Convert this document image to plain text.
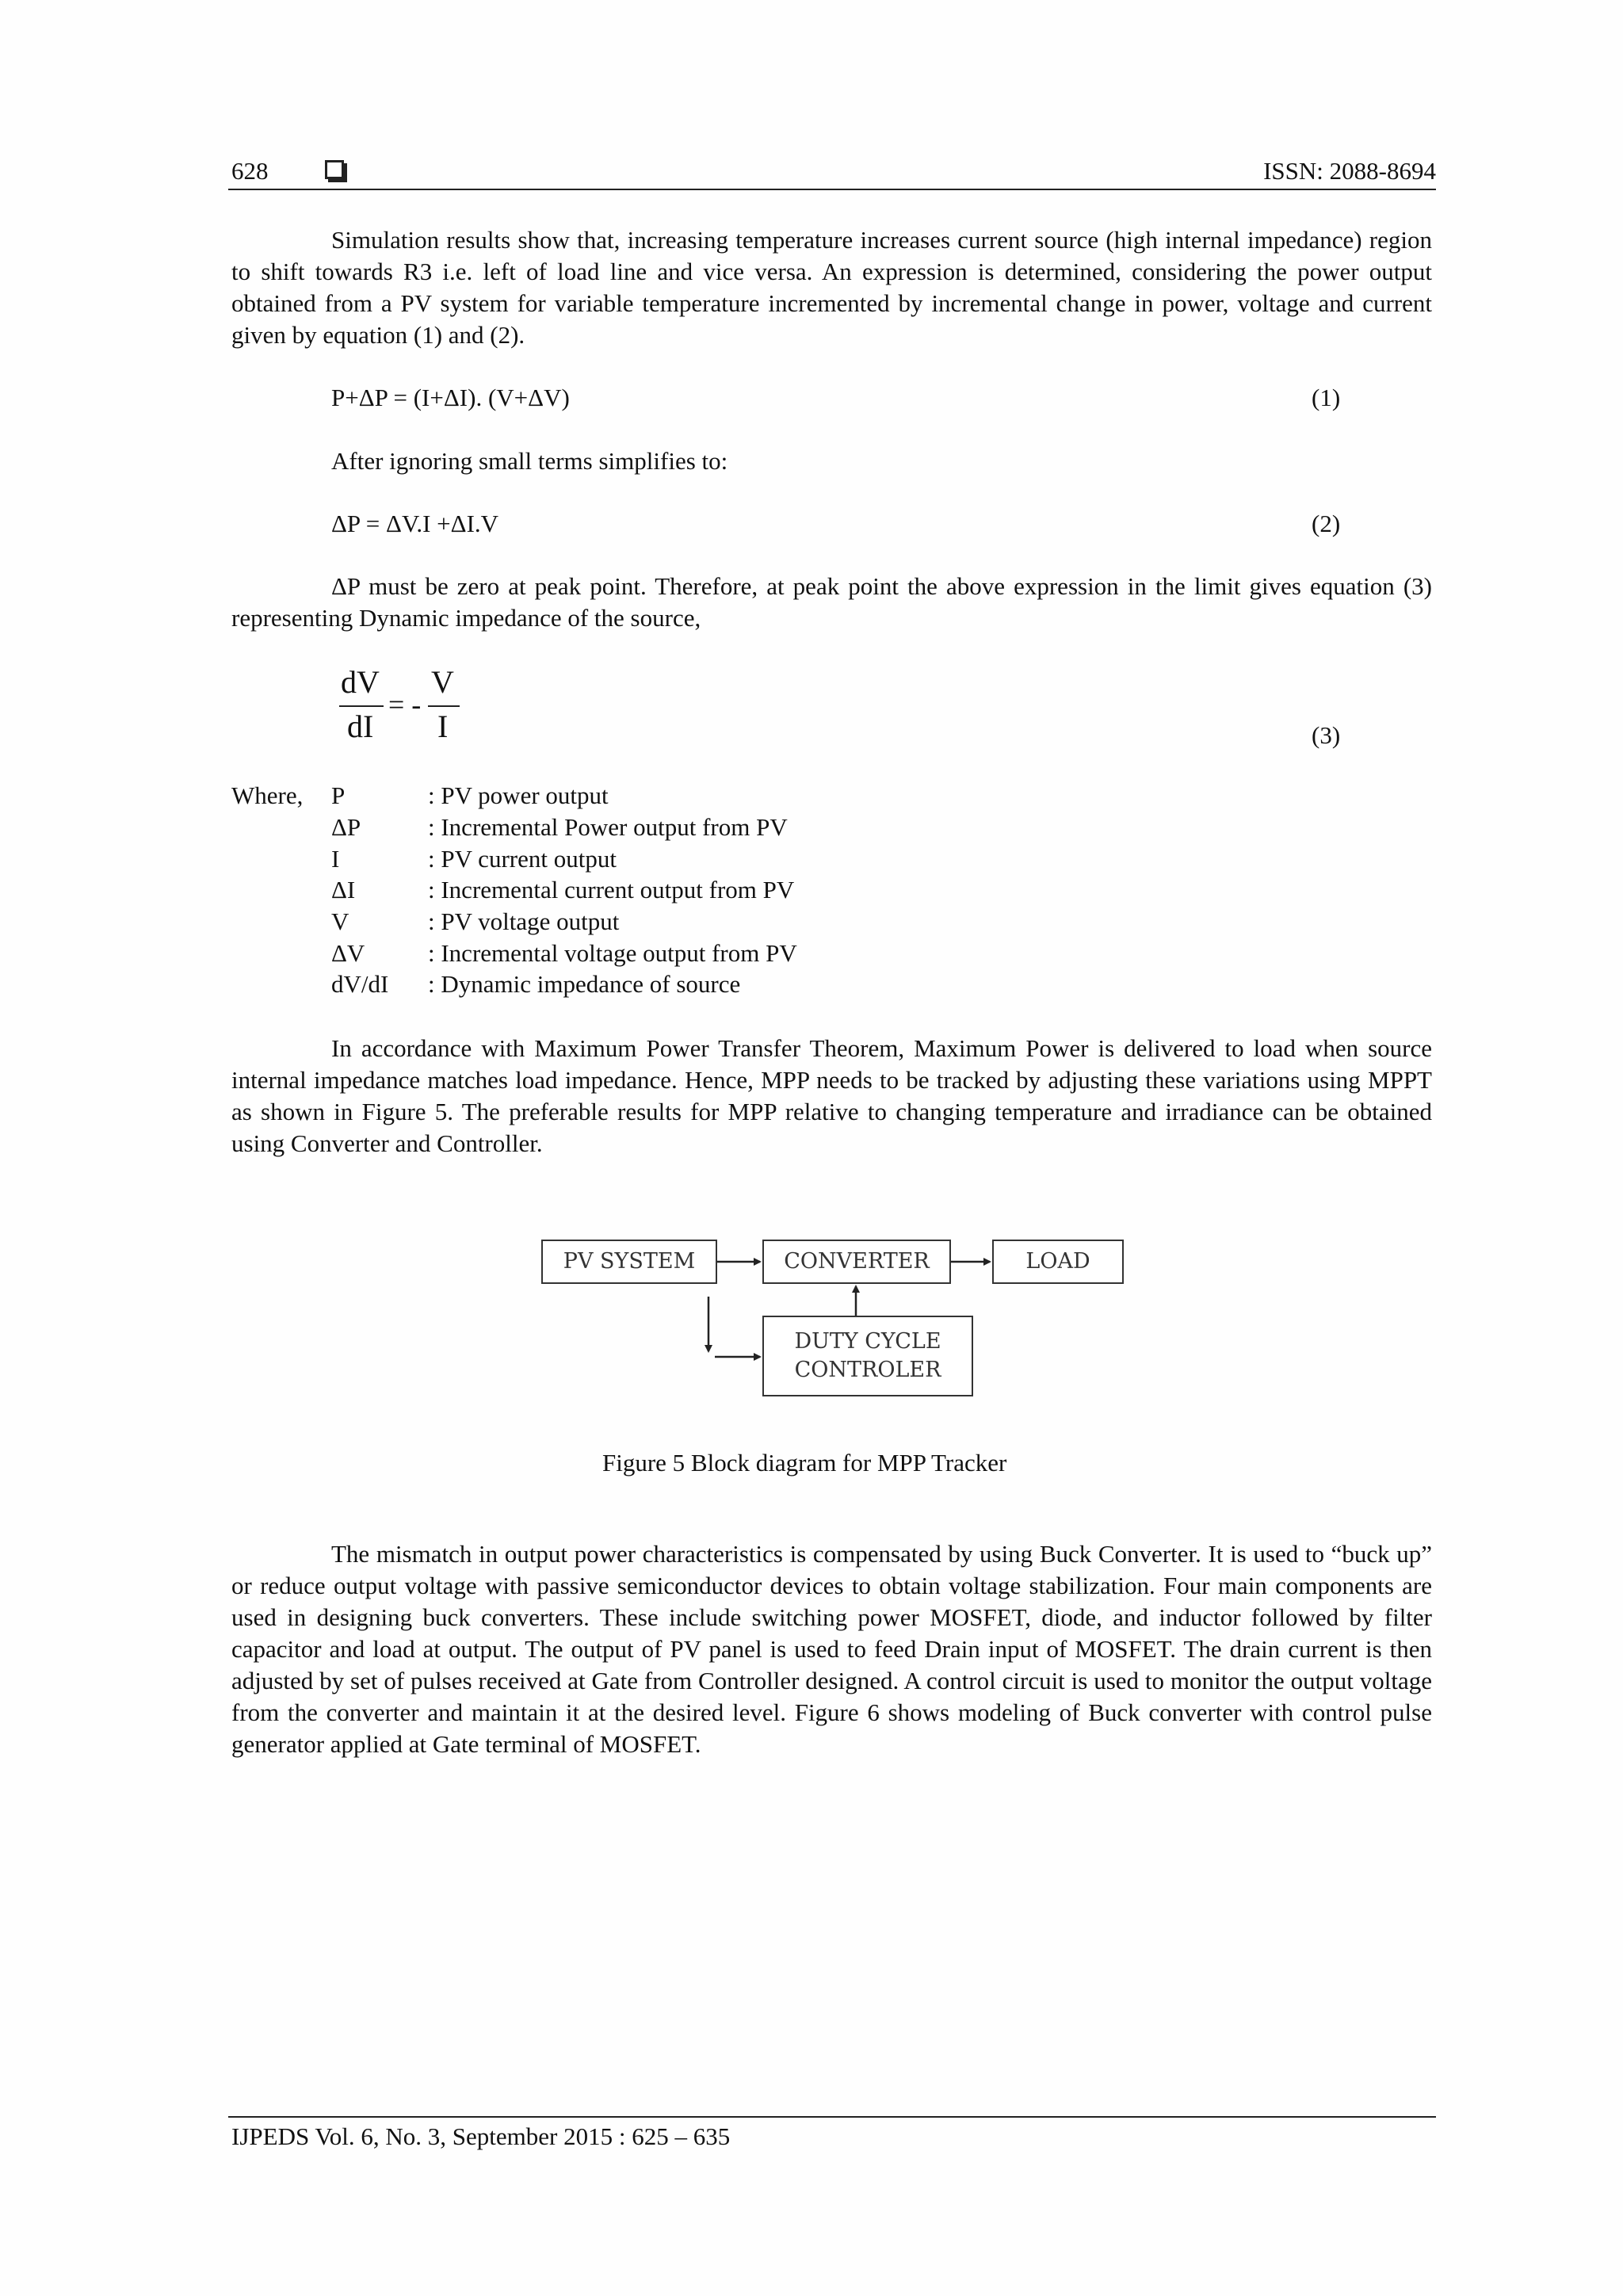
628	ISSN: 2088-8694

Simulation results show that, increasing temperature increases current source (high internal impedance) region to shift towards R3 i.e. left of load line and vice versa. An expression is determined, considering the power output obtained from a PV system for variable temperature incremented by incremental change in power, voltage and current given by equation (1) and (2).

P+ΔP = (I+ΔI). (V+ΔV)	(1)
After ignoring small terms simplifies to:
ΔP = ΔV.I +ΔI.V	(2)

ΔP must be zero at peak point. Therefore, at peak point the above expression in the limit gives equation (3) representing Dynamic impedance of the source,

dV
dI
= -
V
I	(3)
Where, P	: PV power output
ΔP	: Incremental Power output from PV
I	: PV current output
ΔI	: Incremental current output from PV
V	: PV voltage output
ΔV	: Incremental voltage output from PV
dV/dI : Dynamic impedance of source

In accordance with Maximum Power Transfer Theorem, Maximum Power is delivered to load when source internal impedance matches load impedance. Hence, MPP needs to be tracked by adjusting these variations using MPPT as shown in Figure 5. The preferable results for MPP relative to changing temperature and irradiance can be obtained using Converter and Controller.

PV SYSTEM	CONVERTER	LOAD
DUTY CYCLE
CONTROLER
Figure 5 Block diagram for MPP Tracker

The mismatch in output power characteristics is compensated by using Buck Converter. It is used to “buck up” or reduce output voltage with passive semiconductor devices to obtain voltage stabilization. Four main components are used in designing buck converters. These include switching power MOSFET, diode, and inductor followed by filter capacitor and load at output. The output of PV panel is used to feed Drain input of MOSFET. The drain current is then adjusted by set of pulses received at Gate from Controller designed. A control circuit is used to monitor the output voltage from the converter and maintain it at the desired level. Figure 6 shows modeling of Buck converter with control pulse generator applied at Gate terminal of MOSFET.

IJPEDS Vol. 6, No. 3, September 2015 : 625 – 635
